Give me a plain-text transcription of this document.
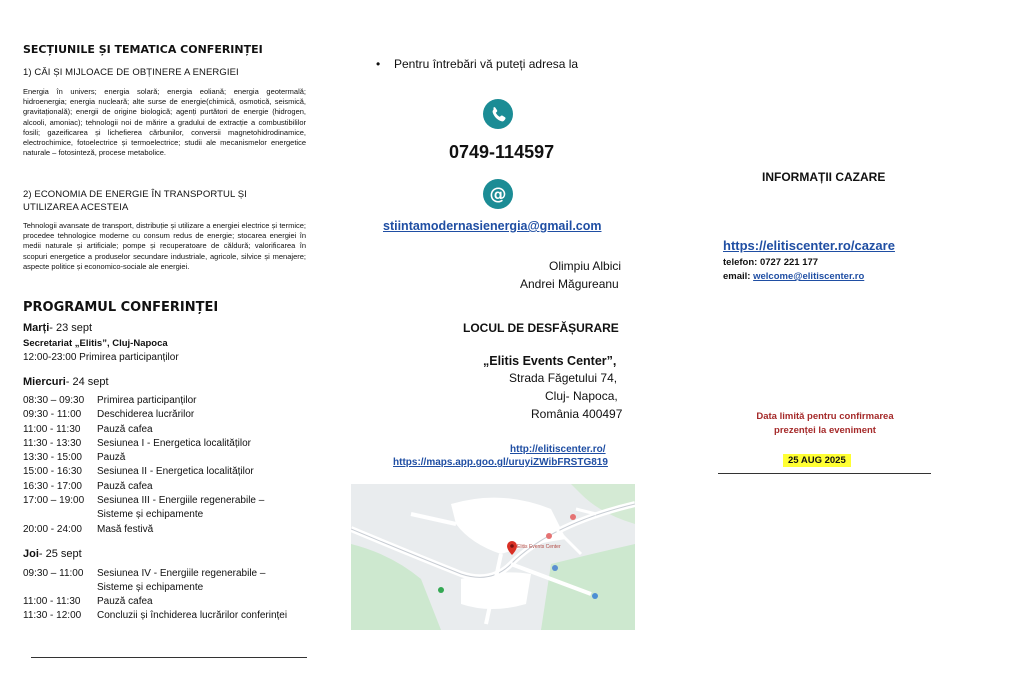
SECȚIUNILE ȘI TEMATICA CONFERINȚEI
1) CĂI ȘI MIJLOACE DE OBȚINERE A ENERGIEI
Energia în univers; energia solară; energia eoliană; energia geotermală; hidroenergia; energia nucleară; alte surse de energie(chimică, osmotică, seismică, gravitațională); energii de origine biologică; agenți purtători de energie (hidrogen, alcooli, amoniac); tehnologii noi de mărire a gradului de extracție a combustibililor fosili; gazeificarea și lichefierea cărbunilor, conversii magnetohidrodinamice, electrochimice, fotoelectrice și termoelectrice; studii ale mecanismelor energetice naturale – fotosinteză, procese metabolice.
2) ECONOMIA DE ENERGIE ÎN TRANSPORTUL ȘI
UTILIZAREA ACESTEIA
Tehnologii avansate de transport, distribuție și utilizare a energiei electrice și termice; procedee tehnologice moderne cu consum redus de energie; stocarea energiei în medii naturale și artificiale; pompe și recuperatoare de căldură; valorificarea în scopuri energetice a produselor secundare industriale, agricole, silvice și menajere; aspecte politice și economico-sociale ale energiei.
PROGRAMUL CONFERINȚEI
Marți- 23 sept
Secretariat „Elitis”, Cluj-Napoca
12:00-23:00 Primirea participanților
Miercuri- 24 sept
08:30 – 09:30 Primirea participanților
09:30 - 11:00 Deschiderea lucrărilor
11:00 - 11:30 Pauză cafea
11:30 - 13:30 Sesiunea I - Energetica localităților
13:30 - 15:00 Pauză
15:00 - 16:30 Sesiunea II - Energetica localităților
16:30 - 17:00 Pauză cafea
17:00 – 19:00 Sesiunea III - Energiile regenerabile –
Sisteme și echipamente
20:00 - 24:00 Masă festivă
Joi- 25 sept
09:30 – 11:00 Sesiunea IV - Energiile regenerabile –
Sisteme și echipamente
11:00 - 11:30 Pauză cafea
11:30 - 12:00 Concluzii și închiderea lucrărilor conferinței
• Pentru întrebări vă puteți adresa la
0749-114597
@
stiintamodernasienergia@gmail.com
Olimpiu Albici
Andrei Măgureanu
LOCUL DE DESFĂȘURARE
„Elitis Events Center”,
Strada Făgetului 74,
Cluj- Napoca,
România 400497
http://elitiscenter.ro/
https://maps.app.goo.gl/uruyiZWibFRSTG819
Elitis Events Center
INFORMAȚII CAZARE
https://elitiscenter.ro/cazare
telefon: 0727 221 177
email: welcome@elitiscenter.ro
Data limită pentru confirmarea
prezenței la eveniment
25 AUG 2025
